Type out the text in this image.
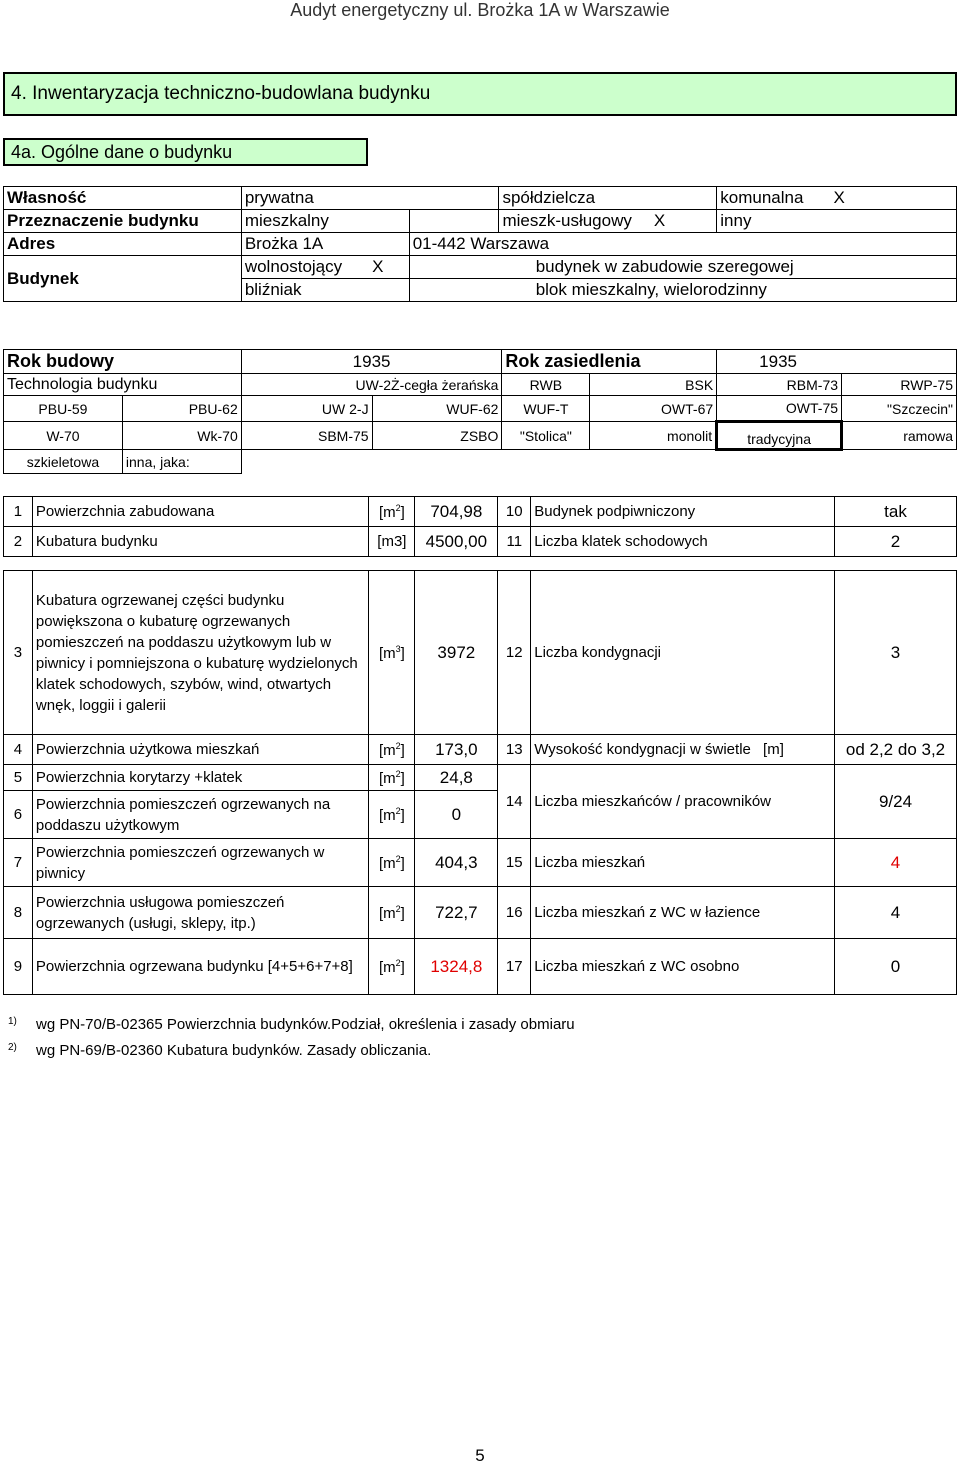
Audyt energetyczny ul. Brożka 1A w Warszawie
4. Inwentaryzacja techniczno-budowlana budynku
4a. Ogólne dane o budynku
Własność	prywatna		spółdzielcza	komunalna X
Przeznaczenie budynku	mieszkalny		mieszk-usługowy X	inny
Adres	Brożka 1A	01-442 Warszawa		
Budynek	wolnostojący X	budynek w zabudowie szeregowej		
	bliźniak	blok mieszkalny, wielorodzinny		
Rok budowy		1935		Rok zasiedlenia		1935	
Technologia budynku		UW-2Ż-cegła żerańska		RWB	BSK	RBM-73	RWP-75
PBU-59	PBU-62	UW 2-J	WUF-62	WUF-T	OWT-67	OWT-75	"Szczecin"
W-70	Wk-70	SBM-75	ZSBO	"Stolica"	monolit	tradycyjna	ramowa
szkieletowa	inna, jaka:						
1	Powierzchnia zabudowana	$[m^2]$	704,98	10	Budynek podpiwniczony	tak
2	Kubatura budynku	[m3]	4500,00	11	Liczba klatek schodowych	2

3	Kubatura ogrzewanej części budynku powiększona o kubaturę ogrzewanych pomieszczeń na poddaszu użytkowym lub w piwnicy i pomniejszona o kubaturę wydzielonych klatek schodowych, szybów, wind, otwartych wnęk, loggii i galerii	$[m^3]$	3972	12	Liczba kondygnacji	3
4	Powierzchnia użytkowa mieszkań	$[m^2]$	173,0	13	Wysokość kondygnacji w świetle [m]	od 2,2 do 3,2
5	Powierzchnia korytarzy +klatek	$[m^2]$	24,8	14	Liczba mieszkańców / pracowników	9/24
6	Powierzchnia pomieszczeń ogrzewanych na poddaszu użytkowym	$[m^2]$	0			
7	Powierzchnia pomieszczeń ogrzewanych w piwnicy	$[m^2]$	404,3	15	Liczba mieszkań	4
8	Powierzchnia usługowa pomieszczeń ogrzewanych (usługi, sklepy, itp.)	$[m^2]$	722,7	16	Liczba mieszkań z WC w łazience	4
9	Powierzchnia ogrzewana budynku [4+5+6+7+8]	$[m^2]$	1324,8	17	Liczba mieszkań z WC osobno	0
$^{1)}$ wg PN-70/B-02365 Powierzchnia budynków.Podział, określenia i zasady obmiaru
$^{2)}$ wg PN-69/B-02360 Kubatura budynków. Zasady obliczania.
5
